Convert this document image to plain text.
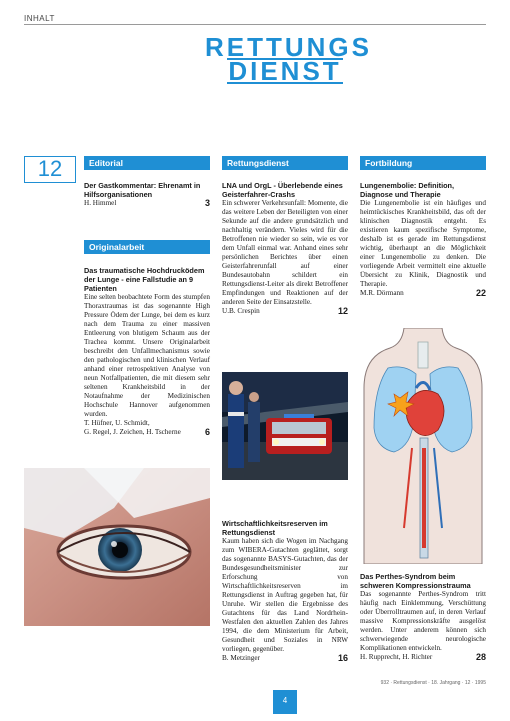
INHALT
RETTUNGS
DIENST
12	Editorial
Der Gastkommentar: Ehrenamt in Hilfsorganisationen
H. Himmel	3
Originalarbeit
Das traumatische Hochdrucködem der Lunge - eine Fallstudie an 9 Patienten
Eine selten beobachtete Form des stumpfen Thoraxtraumas ist das sogenannte High Pressure Ödem der Lunge, bei dem es kurz nach dem Trauma zu einer massiven Entleerung von blutigem Schaum aus der Trachea kommt. Unsere Originalarbeit beschreibt den Unfallmechanismus sowie den pathologischen und klinischen Verlauf anhand einer retrospektiven Analyse von neun Notfallpatienten, die mit diesem sehr seltenen Krankheitsbild in der Notaufnahme der Medizinischen Hochschule Hannover aufgenommen wurden.
T. Hüfner, U. Schmidt,
G. Regel, J. Zeichen, H. Tscherne	6
Rettungsdienst
LNA und OrgL - Überlebende eines Geisterfahrer-Crashs
Ein schwerer Verkehrsunfall: Momente, die das weitere Leben der Beteiligten von einer Sekunde auf die andere grundsätzlich und nachhaltig verändern. Vieles wird für die Betroffenen nie wieder so sein, wie es vor dem Unfall einmal war. Anhand eines sehr persönlichen Berichtes über einen Geisterfahrerunfall auf einer Bundesautobahn schildert ein Rettungsdienst-Leiter als direkt Betroffener Empfindungen und Reaktionen auf der anderen Seite der Einsatzstelle.
U.B. Crespin	12
Wirtschaftlichkeitsreserven im Rettungsdienst
Kaum haben sich die Wogen im Nachgang zum WIBERA-Gutachten geglättet, sorgt das sogenannte BASYS-Gutachten, das der Bundesgesundheitsminister zur Erforschung von Wirtschaftlichkeitsreserven im Rettungsdienst in Auftrag gegeben hat, für Unruhe. Wir stellen die Ergebnisse des Gutachtens für das Land Nordrhein-Westfalen den aktuellen Zahlen des Jahres 1994, die dem Ministerium für Arbeit, Gesundheit und Soziales in NRW vorliegen, gegenüber.
B. Metzinger	16
Fortbildung
Lungenembolie: Definition, Diagnose und Therapie
Die Lungenembolie ist ein häufiges und heimtückisches Krankheitsbild, das oft der klinischen Diagnostik entgeht. Es existieren kaum spezifische Symptome, deshalb ist es gerade im Rettungsdienst wichtig, überhaupt an die Möglichkeit einer Lungenembolie zu denken. Die vorliegende Arbeit vermittelt eine aktuelle Übersicht zu Klinik, Diagnostik und Therapie.
M.R. Dörmann	22
Das Perthes-Syndrom beim schweren Kompressionstrauma
Das sogenannte Perthes-Syndrom tritt häufig nach Einklemmung, Verschüttung oder Überrolltraumen auf, in deren Verlauf massive Kompressionskräfte ausgelöst werden. Unter anderem können sich schwerwiegende neurologische Komplikationen entwickeln.
H. Rupprecht, H. Richter	28
932 · Rettungsdienst · 18. Jahrgang · 12 · 1995
4
